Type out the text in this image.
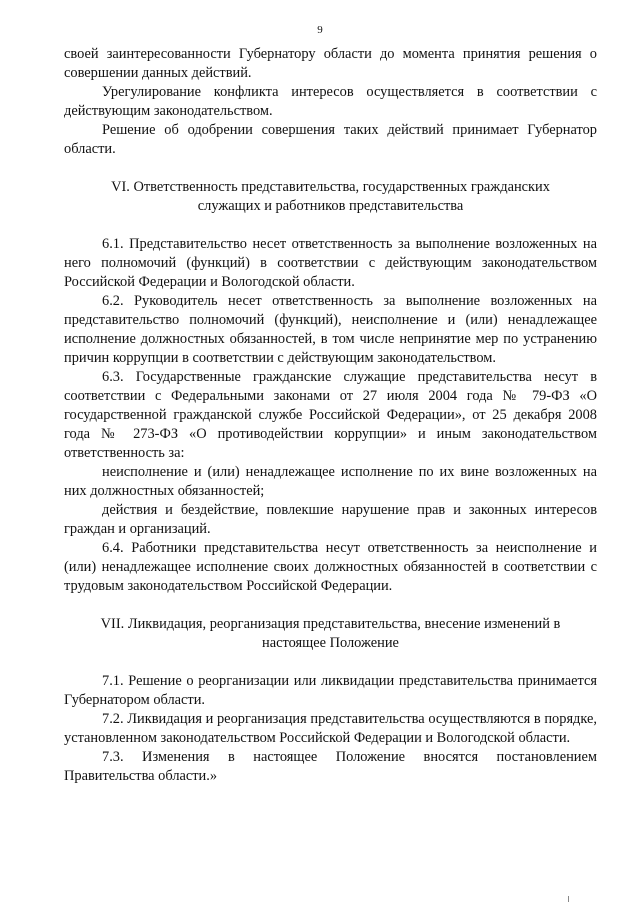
9

своей заинтересованности Губернатору области до момента принятия решения о совершении данных действий.

Урегулирование конфликта интересов осуществляется в соответствии с действующим законодательством.

Решение об одобрении совершения таких действий принимает Губернатор области.

VI. Ответственность представительства, государственных гражданских служащих и работников представительства

6.1. Представительство несет ответственность за выполнение возложенных на него полномочий (функций) в соответствии с действующим законодательством Российской Федерации и Вологодской области.

6.2. Руководитель несет ответственность за выполнение возложенных на представительство полномочий (функций), неисполнение и (или) ненадлежащее исполнение должностных обязанностей, в том числе непринятие мер по устранению причин коррупции в соответствии с действующим законодательством.

6.3. Государственные гражданские служащие представительства несут в соответствии с Федеральными законами от 27 июля 2004 года № 79-ФЗ «О государственной гражданской службе Российской Федерации», от 25 декабря 2008 года № 273-ФЗ «О противодействии коррупции» и иным законодательством ответственность за:

неисполнение и (или) ненадлежащее исполнение по их вине возложенных на них должностных обязанностей;

действия и бездействие, повлекшие нарушение прав и законных интересов граждан и организаций.

6.4. Работники представительства несут ответственность за неисполнение и (или) ненадлежащее исполнение своих должностных обязанностей в соответствии с трудовым законодательством Российской Федерации.

VII. Ликвидация, реорганизация представительства, внесение изменений в настоящее Положение

7.1. Решение о реорганизации или ликвидации представительства принимается Губернатором области.

7.2. Ликвидация и реорганизация представительства осуществляются в порядке, установленном законодательством Российской Федерации и Вологодской области.

7.3. Изменения в настоящее Положение вносятся постановлением Правительства области.»
